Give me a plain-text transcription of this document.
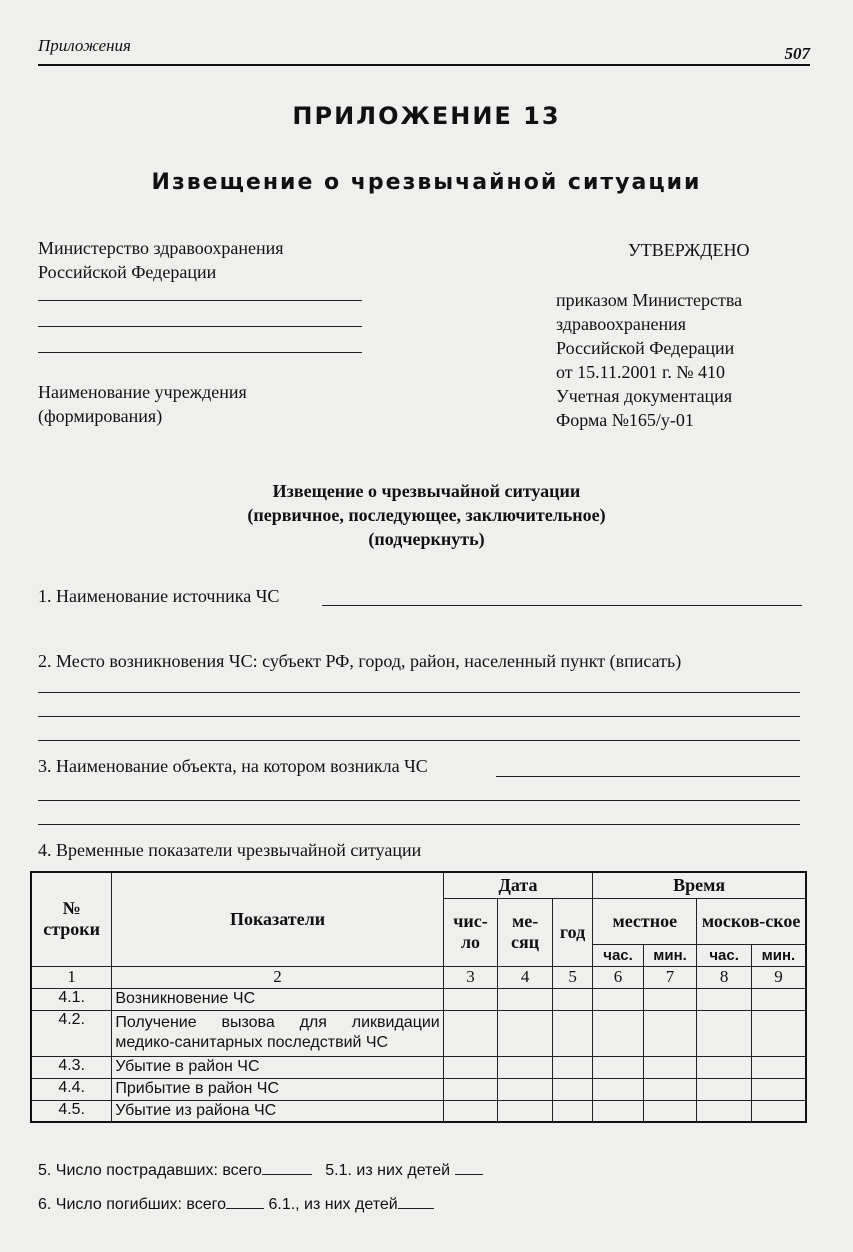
Приложения	507
ПРИЛОЖЕНИЕ 13
Извещение о чрезвычайной ситуации
Министерство здравоохранения
Российской Федерации
Наименование учреждения
(формирования)
УТВЕРЖДЕНО
приказом Министерства
здравоохранения
Российской Федерации
от 15.11.2001 г. № 410
Учетная документация
Форма №165/у-01
Извещение о чрезвычайной ситуации
(первичное, последующее, заключительное)
(подчеркнуть)
1. Наименование источника ЧС
2. Место возникновения ЧС: субъект РФ, город, район, населенный пункт (вписать)
3. Наименование объекта, на котором возникла ЧС
4. Временные показатели чрезвычайной ситуации
№ строки	Показатели	Дата			Время			
		чис-ло	ме-сяц	год	местное		москов-ское	
					час.	мин.	час.	мин.
1	2	3	4	5	6	7	8	9
4.1.	Возникновение ЧС							
4.2.	Получение вызова для ликвидации медико-санитарных последствий ЧС							
4.3.	Убытие в район ЧС							
4.4.	Прибытие в район ЧС							
4.5.	Убытие из района ЧС							
5. Число пострадавших: всего	5.1. из них детей
6. Число погибших: всего	6.1., из них детей
